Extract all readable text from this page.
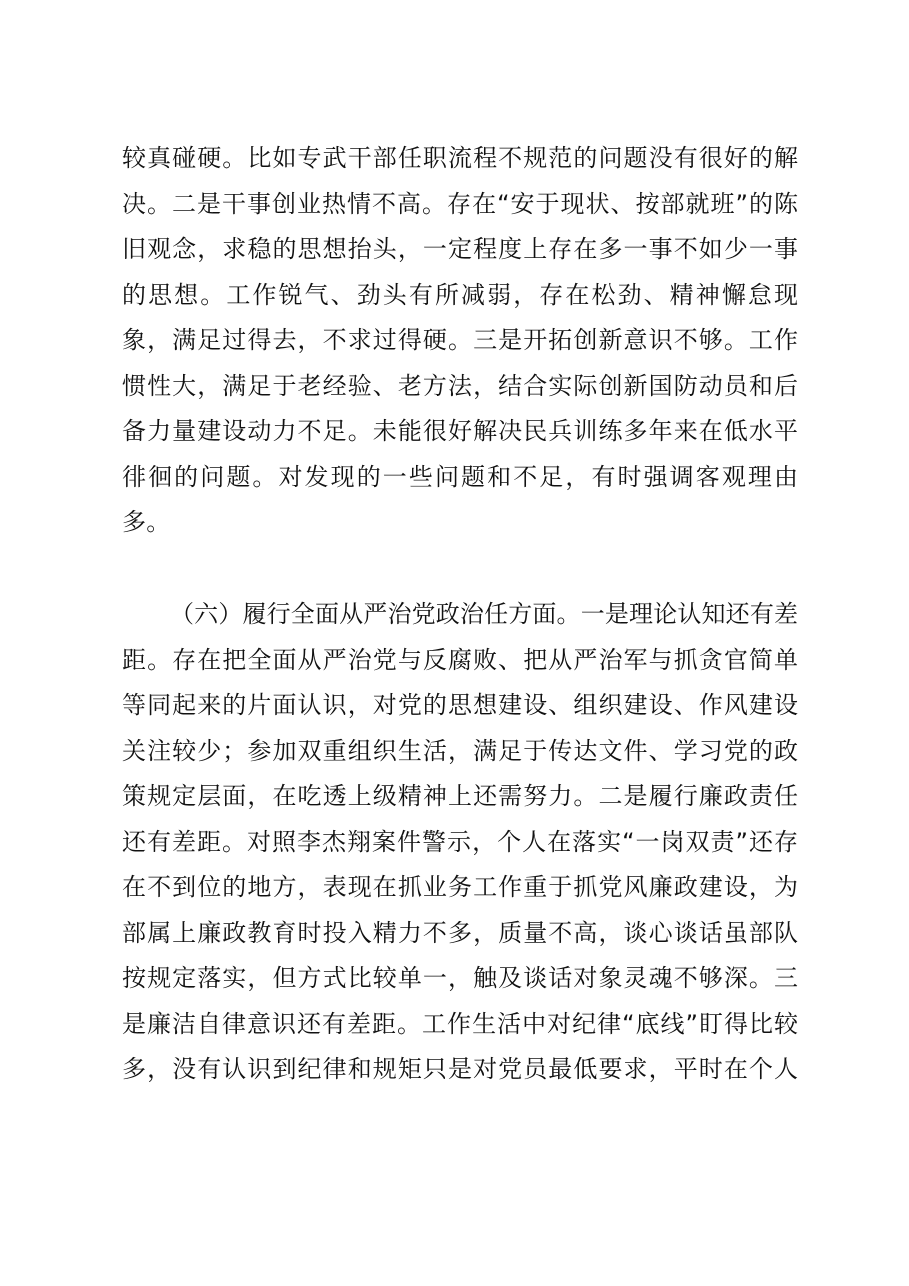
较真碰硬。比如专武干部任职流程不规范的问题没有很好的解
决。二是干事创业热情不高。存在“安于现状、按部就班”的陈
旧观念，求稳的思想抬头，一定程度上存在多一事不如少一事
的思想。工作锐气、劲头有所减弱，存在松劲、精神懈怠现
象，满足过得去，不求过得硬。三是开拓创新意识不够。工作
惯性大，满足于老经验、老方法，结合实际创新国防动员和后
备力量建设动力不足。未能很好解决民兵训练多年来在低水平
徘徊的问题。对发现的一些问题和不足，有时强调客观理由
多。
（六）履行全面从严治党政治任方面。一是理论认知还有差
距。存在把全面从严治党与反腐败、把从严治军与抓贪官简单
等同起来的片面认识，对党的思想建设、组织建设、作风建设
关注较少；参加双重组织生活，满足于传达文件、学习党的政
策规定层面，在吃透上级精神上还需努力。二是履行廉政责任
还有差距。对照李杰翔案件警示，个人在落实“一岗双责”还存
在不到位的地方，表现在抓业务工作重于抓党风廉政建设，为
部属上廉政教育时投入精力不多，质量不高，谈心谈话虽部队
按规定落实，但方式比较单一，触及谈话对象灵魂不够深。三
是廉洁自律意识还有差距。工作生活中对纪律“底线”盯得比较
多，没有认识到纪律和规矩只是对党员最低要求，平时在个人
